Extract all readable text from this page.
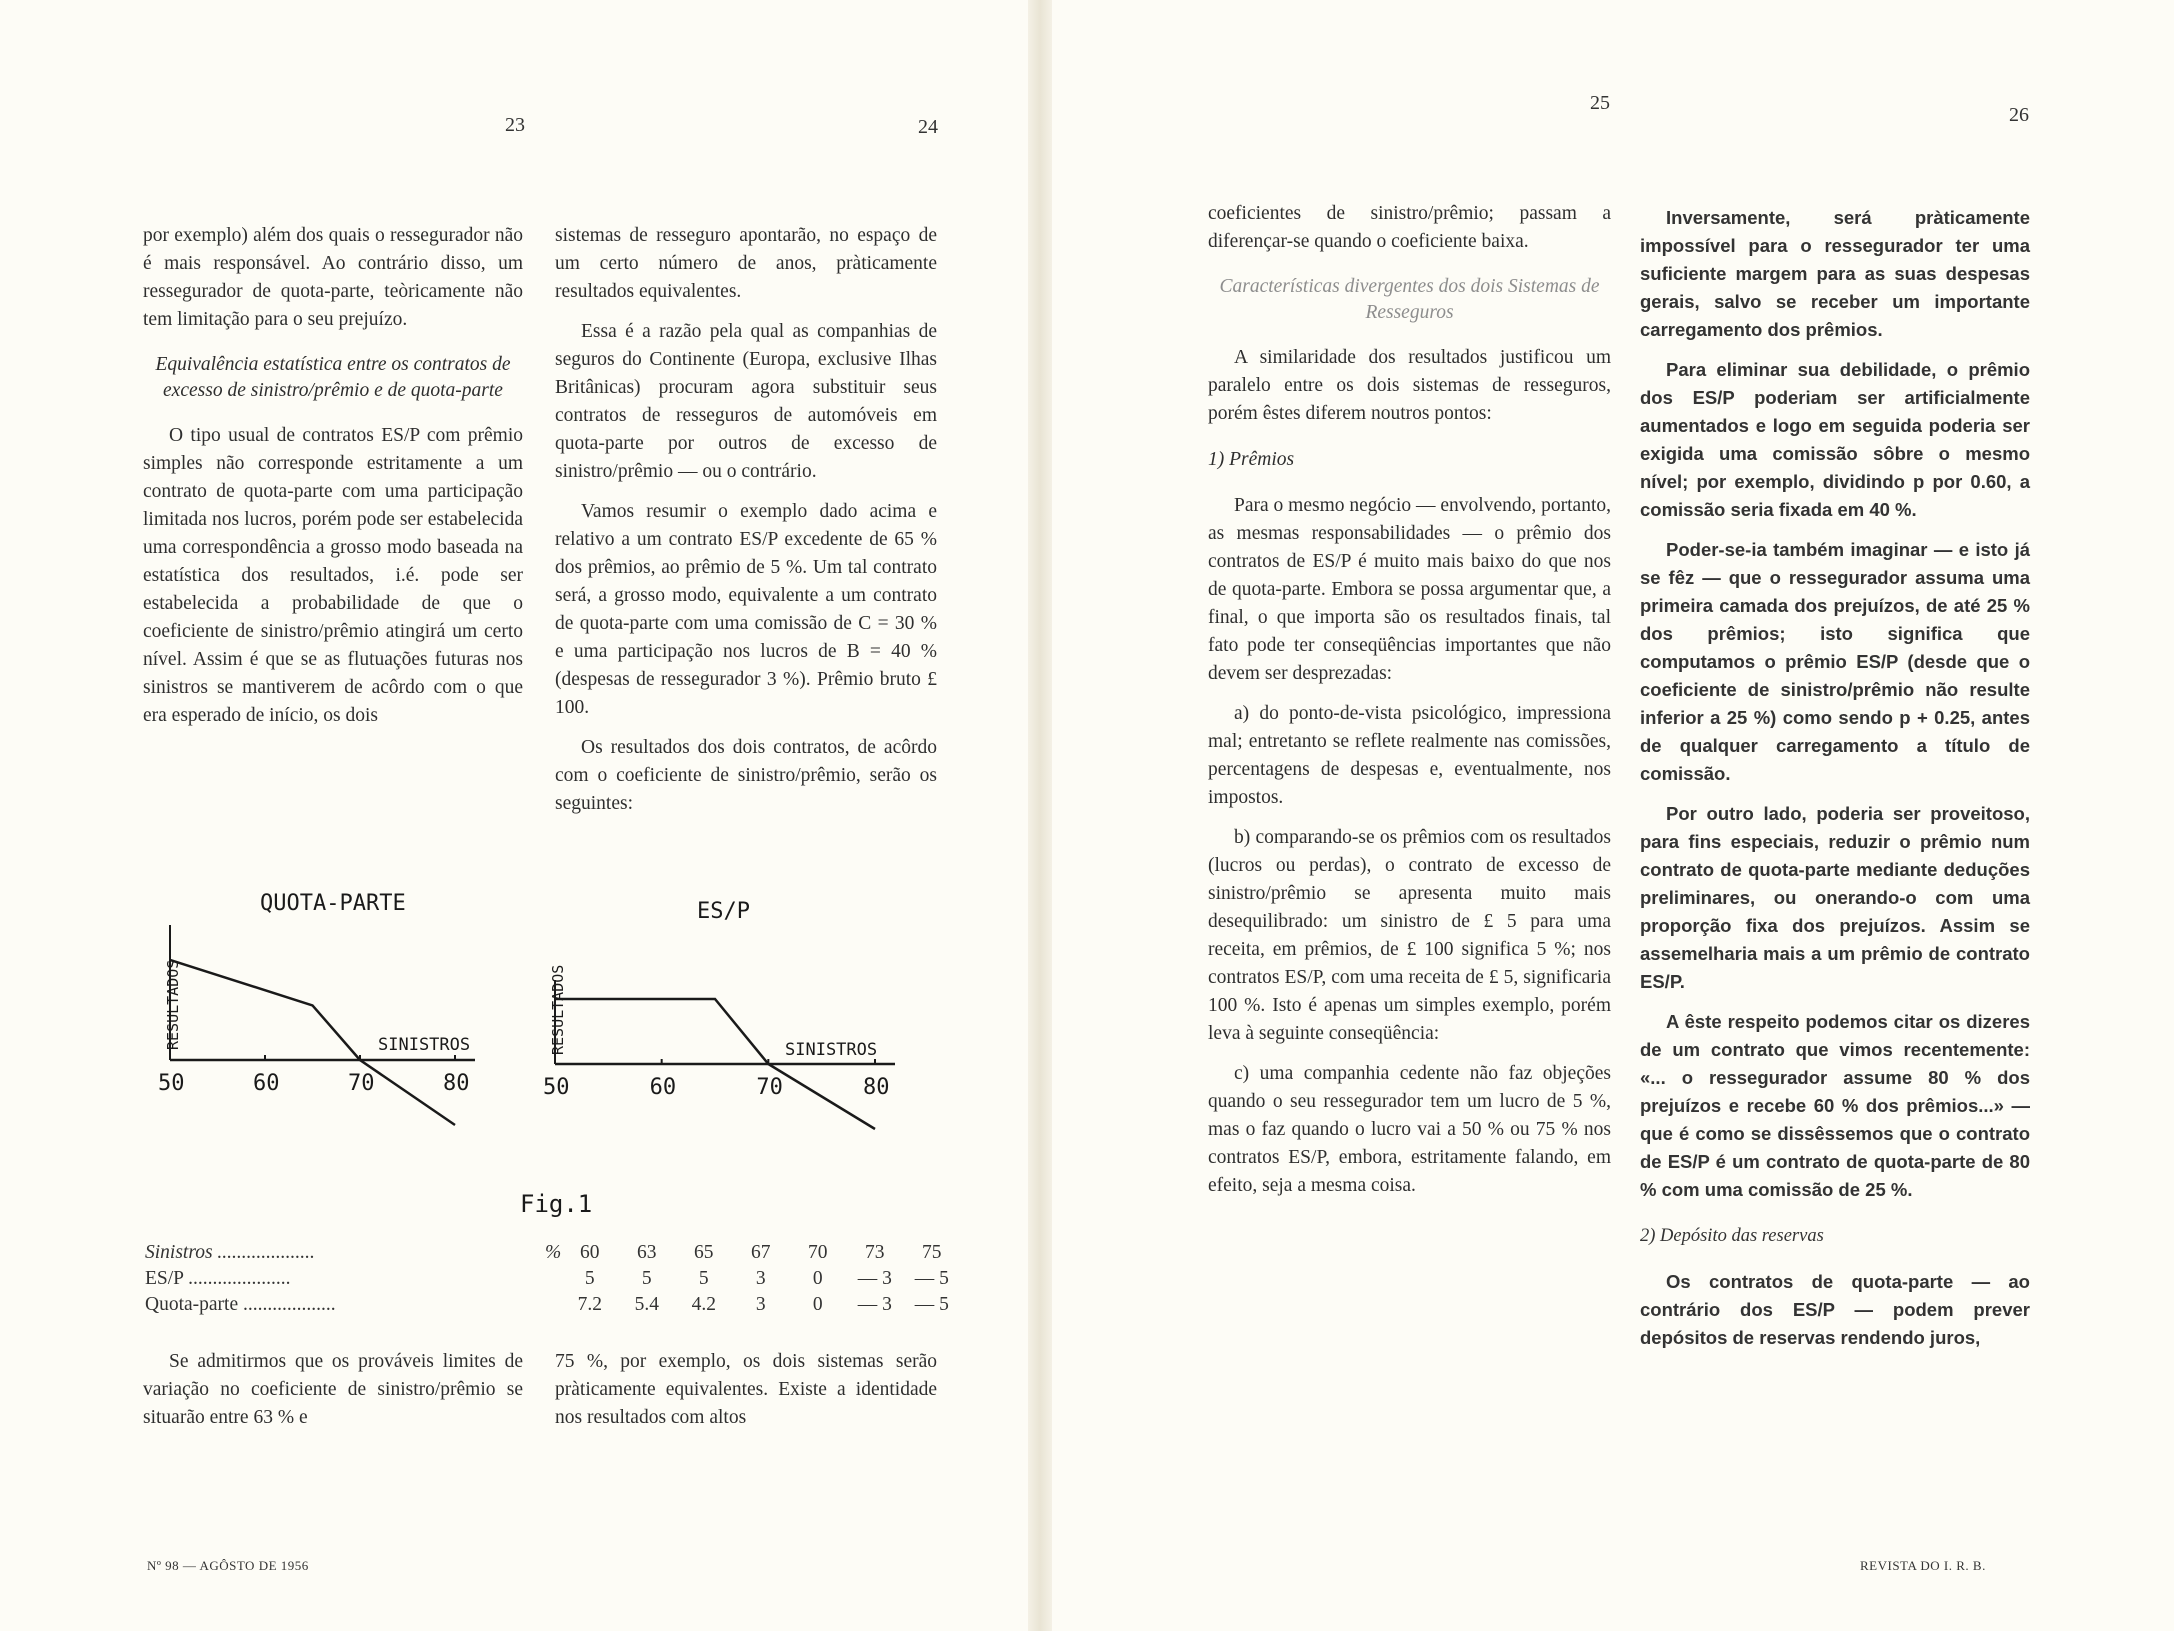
23	24
25
26

por exemplo) além dos quais o ressegurador não é mais responsável. Ao contrário disso, um ressegurador de quota-parte, teòricamente não tem limitação para o seu prejuízo.

Equivalência estatística entre os contratos de excesso de sinistro/prêmio e de quota-parte

O tipo usual de contratos ES/P com prêmio simples não corresponde estritamente a um contrato de quota-parte com uma participação limitada nos lucros, porém pode ser estabelecida uma correspondência a grosso modo baseada na estatística dos resultados, i.é. pode ser estabelecida a probabilidade de que o coeficiente de sinistro/prêmio atingirá um certo nível. Assim é que se as flutuações futuras nos sinistros se mantiverem de acôrdo com o que era esperado de início, os dois

sistemas de resseguro apontarão, no espaço de um certo número de anos, pràticamente resultados equivalentes.

Essa é a razão pela qual as companhias de seguros do Continente (Europa, exclusive Ilhas Britânicas) procuram agora substituir seus contratos de resseguros de automóveis em quota-parte por outros de excesso de sinistro/prêmio — ou o contrário.

Vamos resumir o exemplo dado acima e relativo a um contrato ES/P excedente de 65 % dos prêmios, ao prêmio de 5 %. Um tal contrato será, a grosso modo, equivalente a um contrato de quota-parte com uma comissão de C = 30 % e uma participação nos lucros de B = 40 % (despesas de ressegurador 3 %). Prêmio bruto £ 100.

Os resultados dos dois contratos, de acôrdo com o coeficiente de sinistro/prêmio, serão os seguintes:

QUOTA-PARTE	ES/P
RESULTADOS	RESULTADOS
SINISTROS	SINISTROS
50	60	70	80	50	60	70	80
Fig.1
Sinistros ....................	%	60	63	65	67	70	73	75
ES/P .....................		5	5	5	3	0	— 3	— 5
Quota-parte ...................		7.2	5.4	4.2	3	0	— 3	— 5

Se admitirmos que os prováveis limites de variação no coeficiente de sinistro/prêmio se situarão entre 63 % e

75 %, por exemplo, os dois sistemas serão pràticamente equivalentes. Existe a identidade nos resultados com altos

coeficientes de sinistro/prêmio; passam a diferençar-se quando o coeficiente baixa.

Características divergentes dos dois Sistemas de Resseguros

A similaridade dos resultados justificou um paralelo entre os dois sistemas de resseguros, porém êstes diferem noutros pontos:

1) Prêmios

Para o mesmo negócio — envolvendo, portanto, as mesmas responsabilidades — o prêmio dos contratos de ES/P é muito mais baixo do que nos de quota-parte. Embora se possa argumentar que, a final, o que importa são os resultados finais, tal fato pode ter conseqüências importantes que não devem ser desprezadas:

a) do ponto-de-vista psicológico, impressiona mal; entretanto se reflete realmente nas comissões, percentagens de despesas e, eventualmente, nos impostos.

b) comparando-se os prêmios com os resultados (lucros ou perdas), o contrato de excesso de sinistro/prêmio se apresenta muito mais desequilibrado: um sinistro de £ 5 para uma receita, em prêmios, de £ 100 significa 5 %; nos contratos ES/P, com uma receita de £ 5, significaria 100 %. Isto é apenas um simples exemplo, porém leva à seguinte conseqüência:

c) uma companhia cedente não faz objeções quando o seu ressegurador tem um lucro de 5 %, mas o faz quando o lucro vai a 50 % ou 75 % nos contratos ES/P, embora, estritamente falando, em efeito, seja a mesma coisa.

Inversamente, será pràticamente impossível para o ressegurador ter uma suficiente margem para as suas despesas gerais, salvo se receber um importante carregamento dos prêmios.

Para eliminar sua debilidade, o prêmio dos ES/P poderiam ser artificialmente aumentados e logo em seguida poderia ser exigida uma comissão sôbre o mesmo nível; por exemplo, dividindo p por 0.60, a comissão seria fixada em 40 %.

Poder-se-ia também imaginar — e isto já se fêz — que o ressegurador assuma uma primeira camada dos prejuízos, de até 25 % dos prêmios; isto significa que computamos o prêmio ES/P (desde que o coeficiente de sinistro/prêmio não resulte inferior a 25 %) como sendo p + 0.25, antes de qualquer carregamento a título de comissão.

Por outro lado, poderia ser proveitoso, para fins especiais, reduzir o prêmio num contrato de quota-parte mediante deduções preliminares, ou onerando-o com uma proporção fixa dos prejuízos. Assim se assemelharia mais a um prêmio de contrato ES/P.

A êste respeito podemos citar os dizeres de um contrato que vimos recentemente: «... o ressegurador assume 80 % dos prejuízos e recebe 60 % dos prêmios...» — que é como se dissêssemos que o contrato de ES/P é um contrato de quota-parte de 80 % com uma comissão de 25 %.

2) Depósito das reservas

Os contratos de quota-parte — ao contrário dos ES/P — podem prever depósitos de reservas rendendo juros,

Nº 98 — AGÔSTO DE 1956	REVISTA DO I. R. B.
